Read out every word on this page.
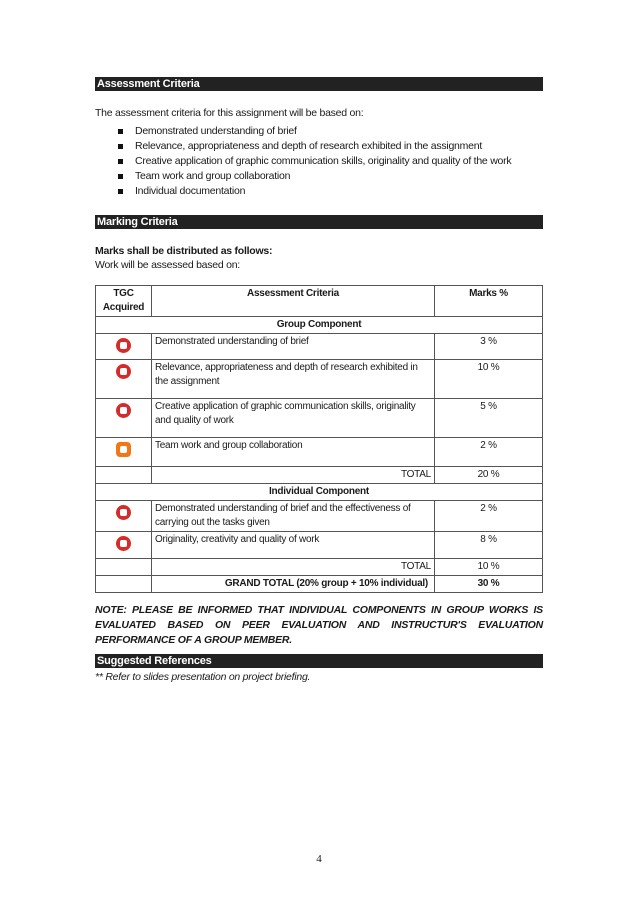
Assessment Criteria
The assessment criteria for this assignment will be based on:
Demonstrated understanding of brief
Relevance, appropriateness and depth of research exhibited in the assignment
Creative application of graphic communication skills, originality and quality of the work
Team work and group collaboration
Individual documentation
Marking Criteria
Marks shall be distributed as follows:
Work will be assessed based on:
TGC Acquired	Assessment Criteria	Marks %
Group Component		
	Demonstrated understanding of brief	3 %
	Relevance, appropriateness and depth of research exhibited in the assignment	10 %
	Creative application of graphic communication skills, originality and quality of work	5 %
	Team work and group collaboration	2 %
	TOTAL	20 %
Individual Component		
	Demonstrated understanding of brief and the effectiveness of carrying out the tasks given	2 %
	Originality, creativity and quality of work	8 %
	TOTAL	10 %
	GRAND TOTAL (20% group + 10% individual)	30 %
NOTE: PLEASE BE INFORMED THAT INDIVIDUAL COMPONENTS IN GROUP WORKS IS EVALUATED BASED ON PEER EVALUATION AND INSTRUCTUR'S EVALUATION PERFORMANCE OF A GROUP MEMBER.
Suggested References
** Refer to slides presentation on project briefing.
4
